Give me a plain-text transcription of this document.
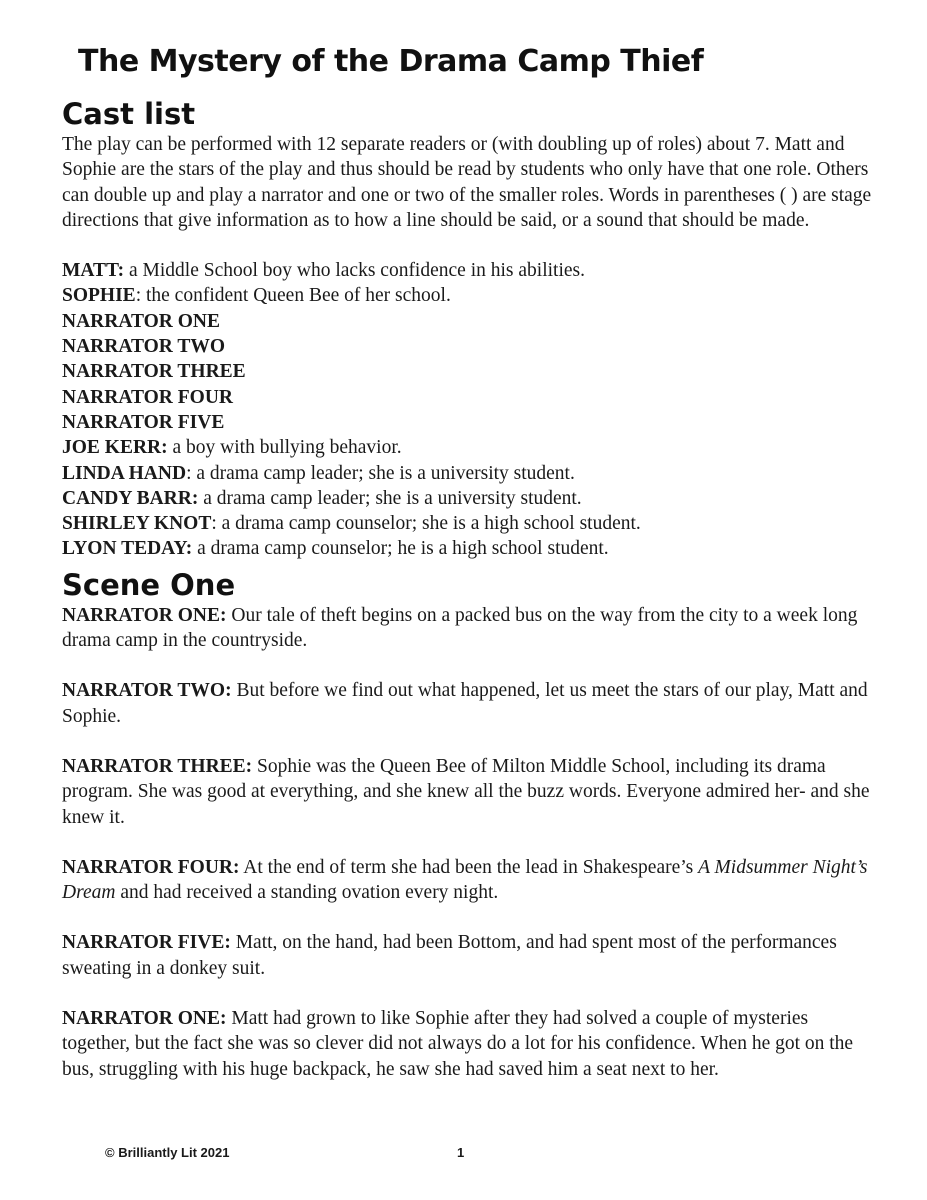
The Mystery of the Drama Camp Thief
Cast list

The play can be performed with 12 separate readers or (with doubling up of roles) about 7. Matt and Sophie are the stars of the play and thus should be read by students who only have that one role. Others can double up and play a narrator and one or two of the smaller roles. Words in parentheses ( ) are stage directions that give information as to how a line should be said, or a sound that should be made.

MATT: a Middle School boy who lacks confidence in his abilities.

SOPHIE: the confident Queen Bee of her school.

NARRATOR ONE

NARRATOR TWO

NARRATOR THREE

NARRATOR FOUR

NARRATOR FIVE

JOE KERR: a boy with bullying behavior.

LINDA HAND: a drama camp leader; she is a university student.

CANDY BARR: a drama camp leader; she is a university student.

SHIRLEY KNOT: a drama camp counselor; she is a high school student.

LYON TEDAY: a drama camp counselor; he is a high school student.

Scene One

NARRATOR ONE: Our tale of theft begins on a packed bus on the way from the city to a week long drama camp in the countryside.

NARRATOR TWO: But before we find out what happened, let us meet the stars of our play, Matt and Sophie.

NARRATOR THREE: Sophie was the Queen Bee of Milton Middle School, including its drama program. She was good at everything, and she knew all the buzz words. Everyone admired her- and she knew it.

NARRATOR FOUR: At the end of term she had been the lead in Shakespeare’s A Midsummer Night’s Dream and had received a standing ovation every night.

NARRATOR FIVE: Matt, on the hand, had been Bottom, and had spent most of the performances sweating in a donkey suit.

NARRATOR ONE: Matt had grown to like Sophie after they had solved a couple of mysteries together, but the fact she was so clever did not always do a lot for his confidence. When he got on the bus, struggling with his huge backpack, he saw she had saved him a seat next to her.

© Brilliantly Lit 2021	1
